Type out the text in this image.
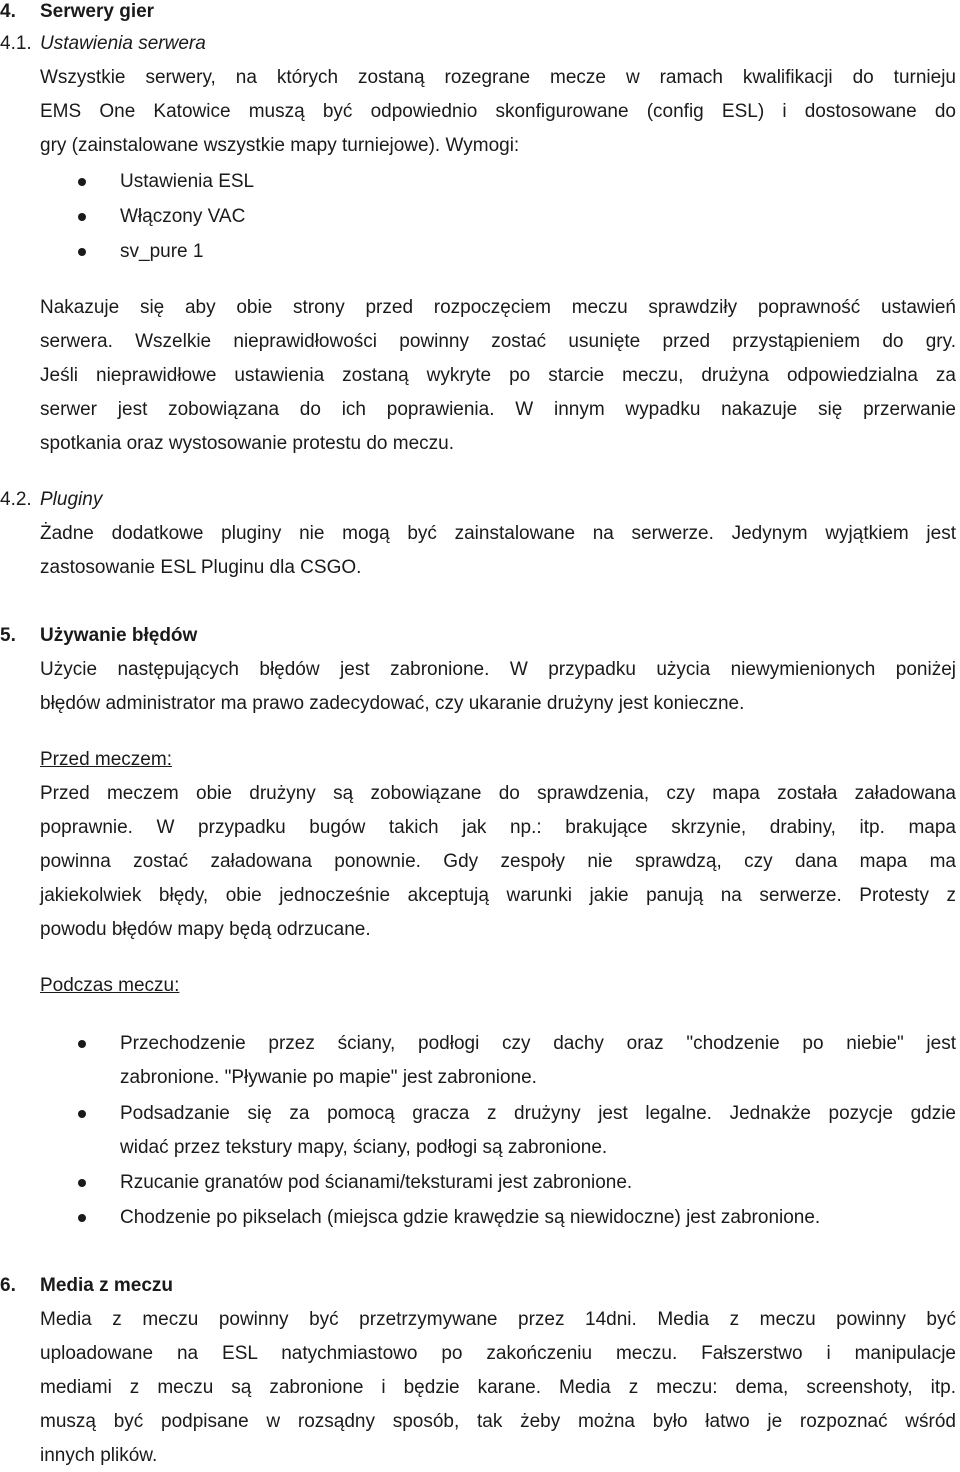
4. Serwery gier
4.1. Ustawienia serwera
Wszystkie serwery, na których zostaną rozegrane mecze w ramach kwalifikacji do turnieju
EMS One Katowice muszą być odpowiednio skonfigurowane (config ESL) i dostosowane do
gry (zainstalowane wszystkie mapy turniejowe). Wymogi:
Ustawienia ESL
Włączony VAC
sv_pure 1
Nakazuje się aby obie strony przed rozpoczęciem meczu sprawdziły poprawność ustawień
serwera. Wszelkie nieprawidłowości powinny zostać usunięte przed przystąpieniem do gry.
Jeśli nieprawidłowe ustawienia zostaną wykryte po starcie meczu, drużyna odpowiedzialna za
serwer jest zobowiązana do ich poprawienia. W innym wypadku nakazuje się przerwanie
spotkania oraz wystosowanie protestu do meczu.
4.2. Pluginy
Żadne dodatkowe pluginy nie mogą być zainstalowane na serwerze. Jedynym wyjątkiem jest
zastosowanie ESL Pluginu dla CSGO.
5. Używanie błędów
Użycie następujących błędów jest zabronione. W przypadku użycia niewymienionych poniżej
błędów administrator ma prawo zadecydować, czy ukaranie drużyny jest konieczne.
Przed meczem:
Przed meczem obie drużyny są zobowiązane do sprawdzenia, czy mapa została załadowana
poprawnie. W przypadku bugów takich jak np.: brakujące skrzynie, drabiny, itp. mapa
powinna zostać załadowana ponownie. Gdy zespoły nie sprawdzą, czy dana mapa ma
jakiekolwiek błędy, obie jednocześnie akceptują warunki jakie panują na serwerze. Protesty z
powodu błędów mapy będą odrzucane.
Podczas meczu:
Przechodzenie przez ściany, podłogi czy dachy oraz "chodzenie po niebie" jest
zabronione. "Pływanie po mapie" jest zabronione.
Podsadzanie się za pomocą gracza z drużyny jest legalne. Jednakże pozycje gdzie
widać przez tekstury mapy, ściany, podłogi są zabronione.
Rzucanie granatów pod ścianami/teksturami jest zabronione.
Chodzenie po pikselach (miejsca gdzie krawędzie są niewidoczne) jest zabronione.
6. Media z meczu
Media z meczu powinny być przetrzymywane przez 14dni. Media z meczu powinny być
uploadowane na ESL natychmiastowo po zakończeniu meczu. Fałszerstwo i manipulacje
mediami z meczu są zabronione i będzie karane. Media z meczu: dema, screenshoty, itp.
muszą być podpisane w rozsądny sposób, tak żeby można było łatwo je rozpoznać wśród
innych plików.
